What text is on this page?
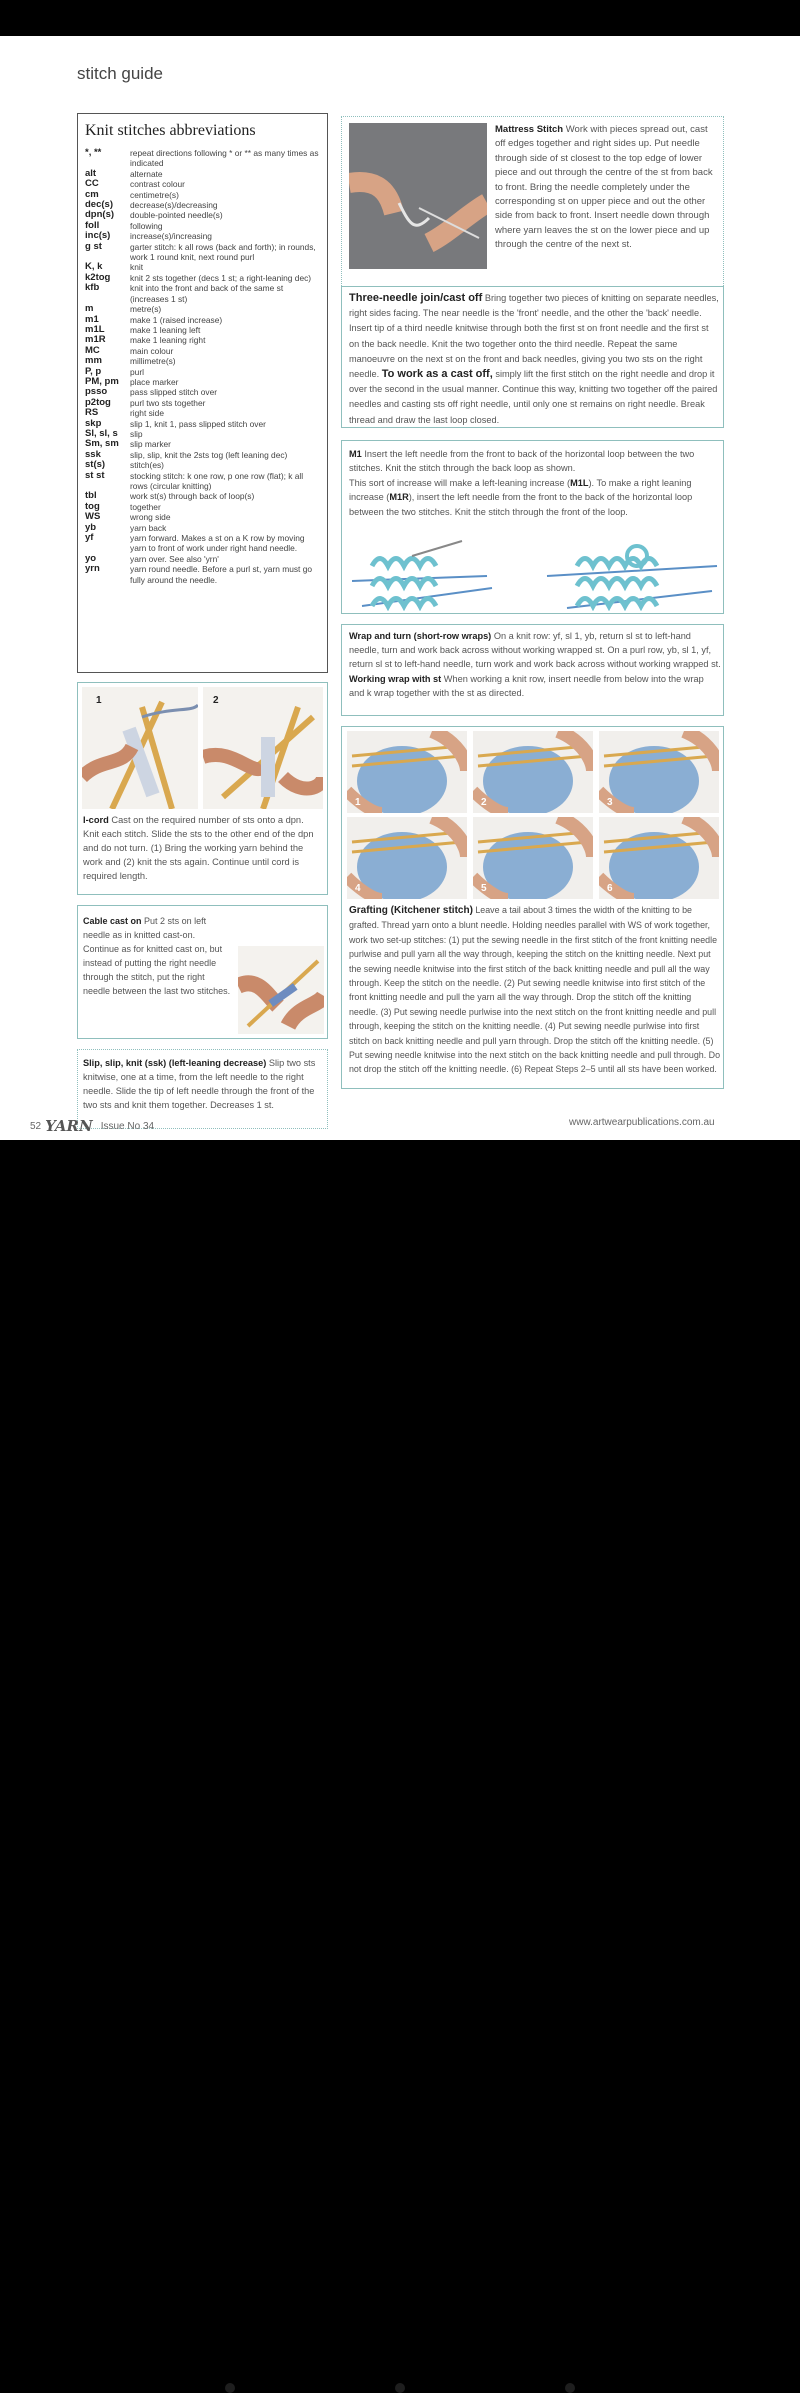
stitch guide
Knit stitches abbreviations
*, **	repeat directions following * or ** as many times as indicated
alt	alternate
CC	contrast colour
cm	centimetre(s)
dec(s)	decrease(s)/decreasing
dpn(s)	double-pointed needle(s)
foll	following
inc(s)	increase(s)/increasing
g st	garter stitch: k all rows (back and forth); in rounds, work 1 round knit, next round purl
K, k	knit
k2tog	knit 2 sts together (decs 1 st; a right-leaning dec)
kfb	knit into the front and back of the same st (increases 1 st)
m	metre(s)
m1	make 1 (raised increase)
m1L	make 1 leaning left
m1R	make 1 leaning right
MC	main colour
mm	millimetre(s)
P, p	purl
PM, pm	place marker
psso	pass slipped stitch over
p2tog	purl two sts together
RS	right side
skp	slip 1, knit 1, pass slipped stitch over
Sl, sl, s	slip
Sm, sm	slip marker
ssk	slip, slip, knit the 2sts tog (left leaning dec)
st(s)	stitch(es)
st st	stocking stitch: k one row, p one row (flat); k all rows (circular knitting)
tbl	work st(s) through back of loop(s)
tog	together
WS	wrong side
yb	yarn back
yf	yarn forward. Makes a st on a K row by moving yarn to front of work under right hand needle.
yo	yarn over. See also 'yrn'
yrn	yarn round needle. Before a purl st, yarn must go fully around the needle.
1	2
I-cord Cast on the required number of sts onto a dpn. Knit each stitch. Slide the sts to the other end of the dpn and do not turn. (1) Bring the working yarn behind the work and (2) knit the sts again. Continue until cord is required length.
Cable cast on Put 2 sts on left needle as in knitted cast-on. Continue as for knitted cast on, but instead of putting the right needle through the stitch, put the right needle between the last two stitches.
Slip, slip, knit (ssk) (left-leaning decrease) Slip two sts knitwise, one at a time, from the left needle to the right needle. Slide the tip of left needle through the front of the two sts and knit them together. Decreases 1 st.
Mattress Stitch Work with pieces spread out, cast off edges together and right sides up. Put needle through side of st closest to the top edge of lower piece and out through the centre of the st from back to front. Bring the needle completely under the corresponding st on upper piece and out the other side from back to front. Insert needle down through where yarn leaves the st on the lower piece and up through the centre of the next st.
Three-needle join/cast off Bring together two pieces of knitting on separate needles, right sides facing. The near needle is the 'front' needle, and the other the 'back' needle. Insert tip of a third needle knitwise through both the first st on front needle and the first st on the back needle. Knit the two together onto the third needle. Repeat the same manoeuvre on the next st on the front and back needles, giving you two sts on the right needle. To work as a cast off, simply lift the first stitch on the right needle and drop it over the second in the usual manner. Continue this way, knitting two together off the paired needles and casting sts off right needle, until only one st remains on right needle. Break thread and draw the last loop closed.
M1 Insert the left needle from the front to back of the horizontal loop between the two stitches. Knit the stitch through the back loop as shown.
This sort of increase will make a left-leaning increase (M1L). To make a right leaning increase (M1R), insert the left needle from the front to the back of the horizontal loop between the two stitches. Knit the stitch through the front of the loop.
Wrap and turn (short-row wraps) On a knit row: yf, sl 1, yb, return sl st to left-hand needle, turn and work back across without working wrapped st. On a purl row, yb, sl 1, yf, return sl st to left-hand needle, turn work and work back across without working wrapped st.
Working wrap with st When working a knit row, insert needle from below into the wrap and k wrap together with the st as directed.
1	2	3
4	5	6
Grafting (Kitchener stitch) Leave a tail about 3 times the width of the knitting to be grafted. Thread yarn onto a blunt needle. Holding needles parallel with WS of work together, work two set-up stitches: (1) put the sewing needle in the first stitch of the front knitting needle purlwise and pull yarn all the way through, keeping the stitch on the knitting needle. Next put the sewing needle knitwise into the first stitch of the back knitting needle and pull all the way through. Keep the stitch on the needle. (2) Put sewing needle knitwise into first stitch of the front knitting needle and pull the yarn all the way through. Drop the stitch off the knitting needle. (3) Put sewing needle purlwise into the next stitch on the front knitting needle and pull through, keeping the stitch on the knitting needle. (4) Put sewing needle purlwise into first stitch on back knitting needle and pull yarn through. Drop the stitch off the knitting needle. (5) Put sewing needle knitwise into the next stitch on the back knitting needle and pull through. Do not drop the stitch off the knitting needle. (6) Repeat Steps 2–5 until all sts have been worked.
52 YARN Issue No 34	www.artwearpublications.com.au
